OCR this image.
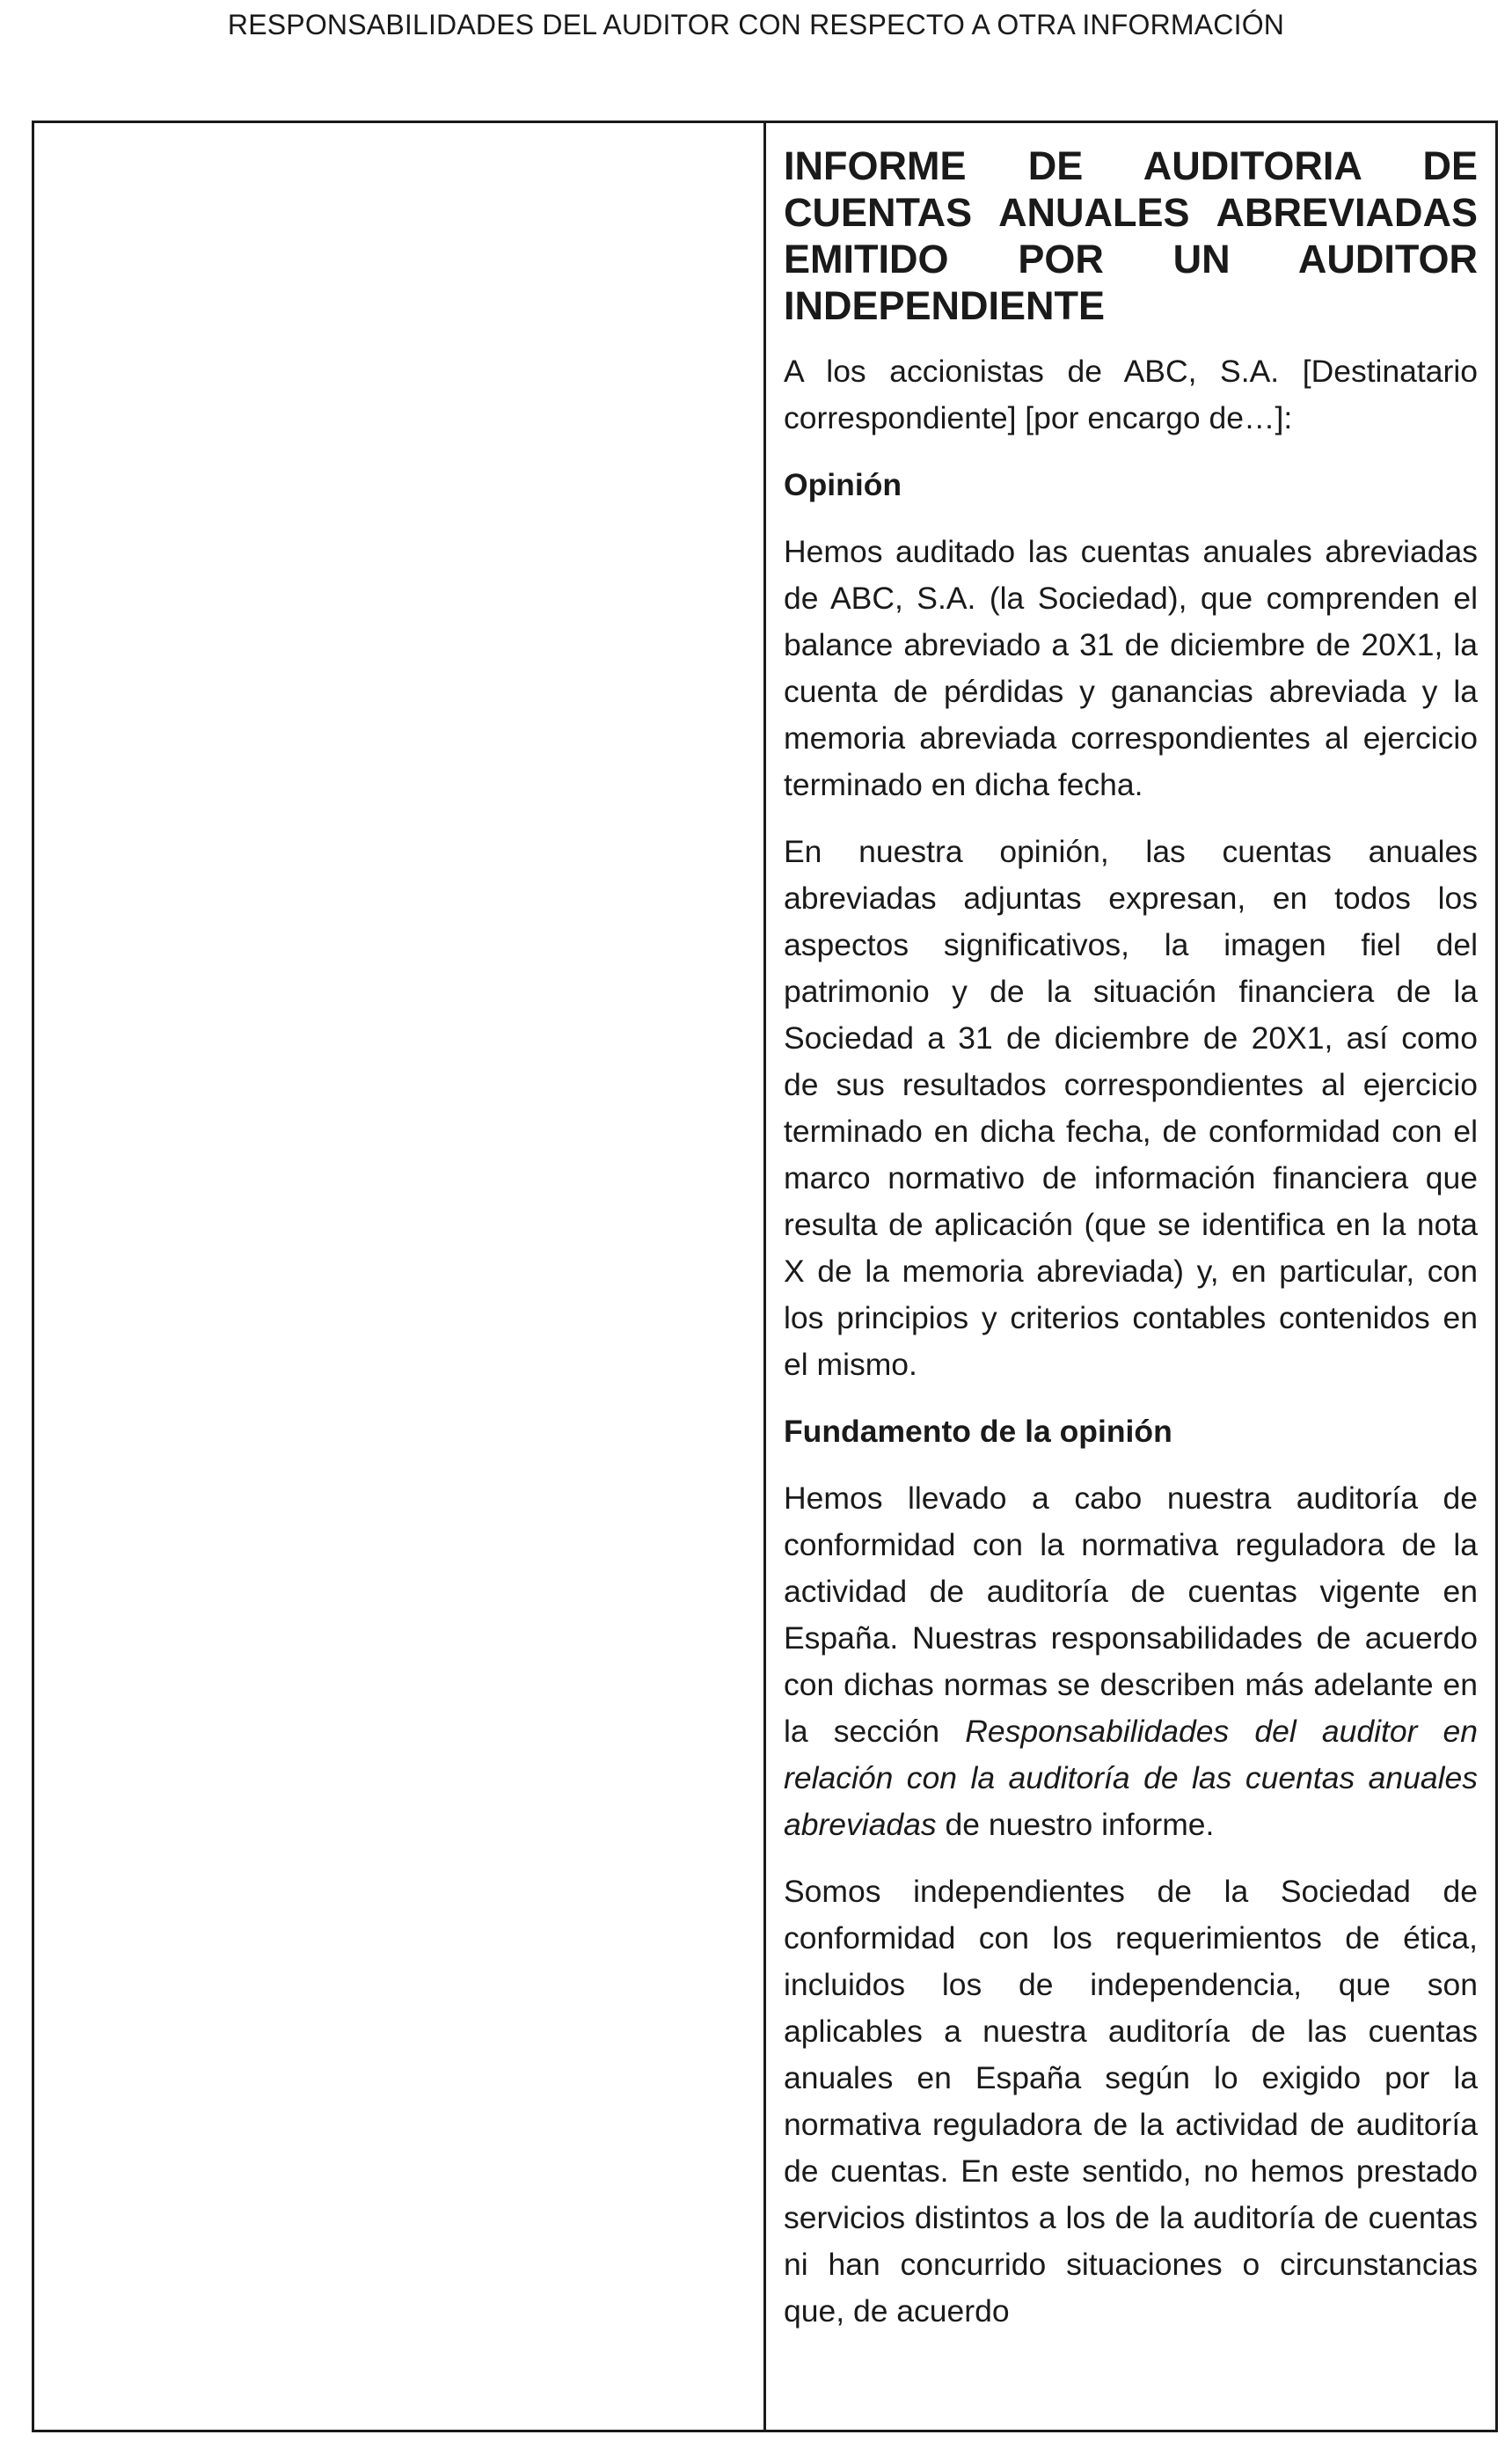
RESPONSABILIDADES DEL AUDITOR CON RESPECTO A OTRA INFORMACIÓN
INFORME DE AUDITORIA DE CUENTAS ANUALES ABREVIADAS EMITIDO POR UN AUDITOR INDEPENDIENTE

A los accionistas de ABC, S.A. [Destinatario correspondiente] [por encargo de…]:

Opinión

Hemos auditado las cuentas anuales abreviadas de ABC, S.A. (la Sociedad), que comprenden el balance abreviado a 31 de diciembre de 20X1, la cuenta de pérdidas y ganancias abreviada y la memoria abreviada correspondientes al ejercicio terminado en dicha fecha.

En nuestra opinión, las cuentas anuales abreviadas adjuntas expresan, en todos los aspectos significativos, la imagen fiel del patrimonio y de la situación financiera de la Sociedad a 31 de diciembre de 20X1, así como de sus resultados correspondientes al ejercicio terminado en dicha fecha, de conformidad con el marco normativo de información financiera que resulta de aplicación (que se identifica en la nota X de la memoria abreviada) y, en particular, con los principios y criterios contables contenidos en el mismo.

Fundamento de la opinión

Hemos llevado a cabo nuestra auditoría de conformidad con la normativa reguladora de la actividad de auditoría de cuentas vigente en España. Nuestras responsabilidades de acuerdo con dichas normas se describen más adelante en la sección Responsabilidades del auditor en relación con la auditoría de las cuentas anuales abreviadas de nuestro informe.

Somos independientes de la Sociedad de conformidad con los requerimientos de ética, incluidos los de independencia, que son aplicables a nuestra auditoría de las cuentas anuales en España según lo exigido por la normativa reguladora de la actividad de auditoría de cuentas. En este sentido, no hemos prestado servicios distintos a los de la auditoría de cuentas ni han concurrido situaciones o circunstancias que, de acuerdo
